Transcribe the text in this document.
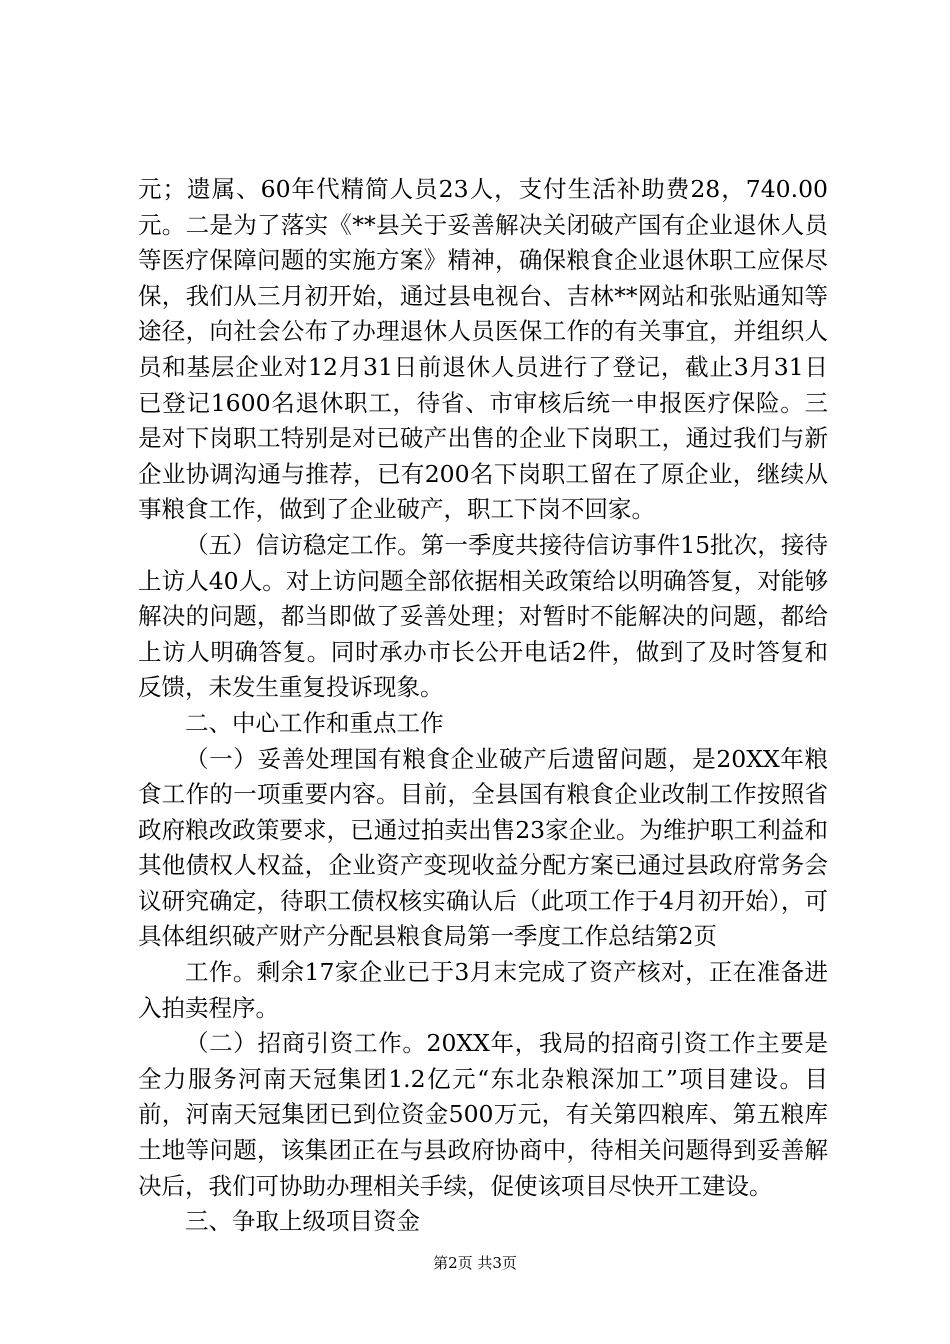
元；遗属、60年代精简人员23人，支付生活补助费28，740.00元。二是为了落实《**县关于妥善解决关闭破产国有企业退休人员等医疗保障问题的实施方案》精神，确保粮食企业退休职工应保尽保，我们从三月初开始，通过县电视台、吉林**网站和张贴通知等途径，向社会公布了办理退休人员医保工作的有关事宜，并组织人员和基层企业对12月31日前退休人员进行了登记，截止3月31日已登记1600名退休职工，待省、市审核后统一申报医疗保险。三是对下岗职工特别是对已破产出售的企业下岗职工，通过我们与新企业协调沟通与推荐，已有200名下岗职工留在了原企业，继续从事粮食工作，做到了企业破产，职工下岗不回家。

（五）信访稳定工作。第一季度共接待信访事件15批次，接待上访人40人。对上访问题全部依据相关政策给以明确答复，对能够解决的问题，都当即做了妥善处理；对暂时不能解决的问题，都给上访人明确答复。同时承办市长公开电话2件，做到了及时答复和反馈，未发生重复投诉现象。

二、中心工作和重点工作

（一）妥善处理国有粮食企业破产后遗留问题，是20XX年粮食工作的一项重要内容。目前，全县国有粮食企业改制工作按照省政府粮改政策要求，已通过拍卖出售23家企业。为维护职工利益和其他债权人权益，企业资产变现收益分配方案已通过县政府常务会议研究确定，待职工债权核实确认后（此项工作于4月初开始），可具体组织破产财产分配县粮食局第一季度工作总结第2页

工作。剩余17家企业已于3月末完成了资产核对，正在准备进入拍卖程序。

（二）招商引资工作。20XX年，我局的招商引资工作主要是全力服务河南天冠集团1.2亿元“东北杂粮深加工”项目建设。目前，河南天冠集团已到位资金500万元，有关第四粮库、第五粮库土地等问题，该集团正在与县政府协商中，待相关问题得到妥善解决后，我们可协助办理相关手续，促使该项目尽快开工建设。

三、争取上级项目资金

第2页 共3页
